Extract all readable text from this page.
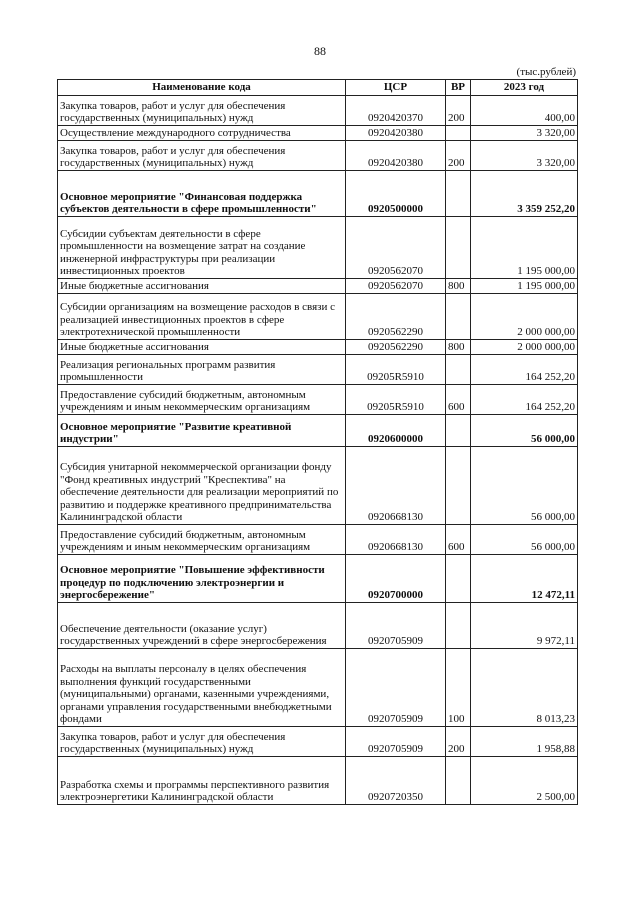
88
(тыс.рублей)
Наименование кода	ЦСР	ВР	2023 год
Закупка товаров, работ и услуг для обеспечения государственных (муниципальных) нужд	0920420370	200	400,00
Осуществление международного сотрудничества	0920420380		3 320,00
Закупка товаров, работ и услуг для обеспечения государственных (муниципальных) нужд	0920420380	200	3 320,00
Основное мероприятие "Финансовая поддержка субъектов деятельности в сфере промышленности"	0920500000		3 359 252,20
Субсидии субъектам деятельности в сфере промышленности на возмещение затрат на создание инженерной инфраструктуры при реализации инвестиционных проектов	0920562070		1 195 000,00
Иные бюджетные ассигнования	0920562070	800	1 195 000,00
Субсидии организациям на возмещение расходов в связи с реализацией инвестиционных проектов в сфере электротехнической промышленности	0920562290		2 000 000,00
Иные бюджетные ассигнования	0920562290	800	2 000 000,00
Реализация региональных программ развития промышленности	09205R5910		164 252,20
Предоставление субсидий бюджетным, автономным учреждениям и иным некоммерческим организациям	09205R5910	600	164 252,20
Основное мероприятие "Развитие креативной индустрии"	0920600000		56 000,00
Субсидия унитарной некоммерческой организации фонду "Фонд креативных индустрий "Креспектива" на обеспечение деятельности для реализации мероприятий по развитию и поддержке креативного предпринимательства Калининградской области	0920668130		56 000,00
Предоставление субсидий бюджетным, автономным учреждениям и иным некоммерческим организациям	0920668130	600	56 000,00
Основное мероприятие "Повышение эффективности процедур по подключению электроэнергии и энергосбережение"	0920700000		12 472,11
Обеспечение деятельности (оказание услуг) государственных учреждений в сфере энергосбережения	0920705909		9 972,11
Расходы на выплаты персоналу в целях обеспечения выполнения функций государственными (муниципальными) органами, казенными учреждениями, органами управления государственными внебюджетными фондами	0920705909	100	8 013,23
Закупка товаров, работ и услуг для обеспечения государственных (муниципальных) нужд	0920705909	200	1 958,88
Разработка схемы и программы перспективного развития электроэнергетики Калининградской области	0920720350		2 500,00
